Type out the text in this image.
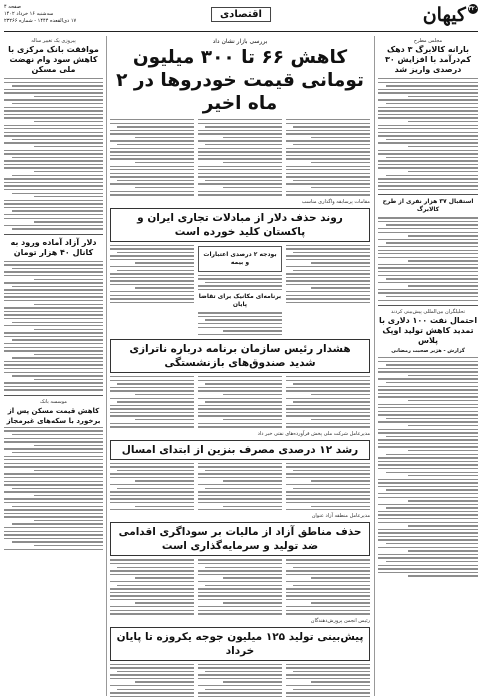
۱۳۲۰کیهان
اقتصادی
صفحه ۴
سه‌شنبه ۱۶ خرداد ۱۴۰۲
۱۷ ذی‌القعده ۱۴۴۴ - شماره ۲۳۲۶۶
مجلس مطرح
بارانه کالابرگ ۳ دهک کم‌درآمد با افزایش ۳۰ درصدی واریز شد
استقبال ۳۷ هزار نفری از طرح کالابرگ
تحلیلگران بین‌المللی پیش‌بینی کردند
احتمال نفت ۱۰۰ دلاری با تمدید کاهش تولید اوپک پلاس
گزارش - هژیر صحبت رمضانی
پیروزی یک تغییر ساله
موافقت بانک مرکزی با کاهش سود وام نهضت ملی مسکن
دلار آزاد آماده ورود به کانال ۴۰ هزار تومان
موسسه بانک
کاهش قیمت مسکن پس از برخورد با سکه‌های غیرمجاز
بررسی بازار نشان داد
کاهش ۶۶ تا ۳۰۰ میلیون تومانی قیمت خودروها در ۲ ماه اخیر
مقامات پرسابقه واگذاری مناسب
روند حذف دلار از مبادلات تجاری ایران و پاکستان کلید خورده است
بودجه ۲ درصدی اعتبارات و بیمه
برنامه‌ای مکانیک برای تقاضا پایان
هشدار رئیس سازمان برنامه درباره ناترازی شدید صندوق‌های بازنشستگی
مدیرعامل شرکت ملی پخش فرآورده‌های نفتی خبر داد
رشد ۱۲ درصدی مصرف بنزین از ابتدای امسال
مدیرعامل منطقه آزاد عنوان
حذف مناطق آزاد از مالیات بر سوداگری اقدامی ضد تولید و سرمایه‌گذاری است
رئیس انجمن پرورش‌دهندگان
پیش‌بینی تولید ۱۲۵ میلیون جوجه یکروزه تا پایان خرداد
